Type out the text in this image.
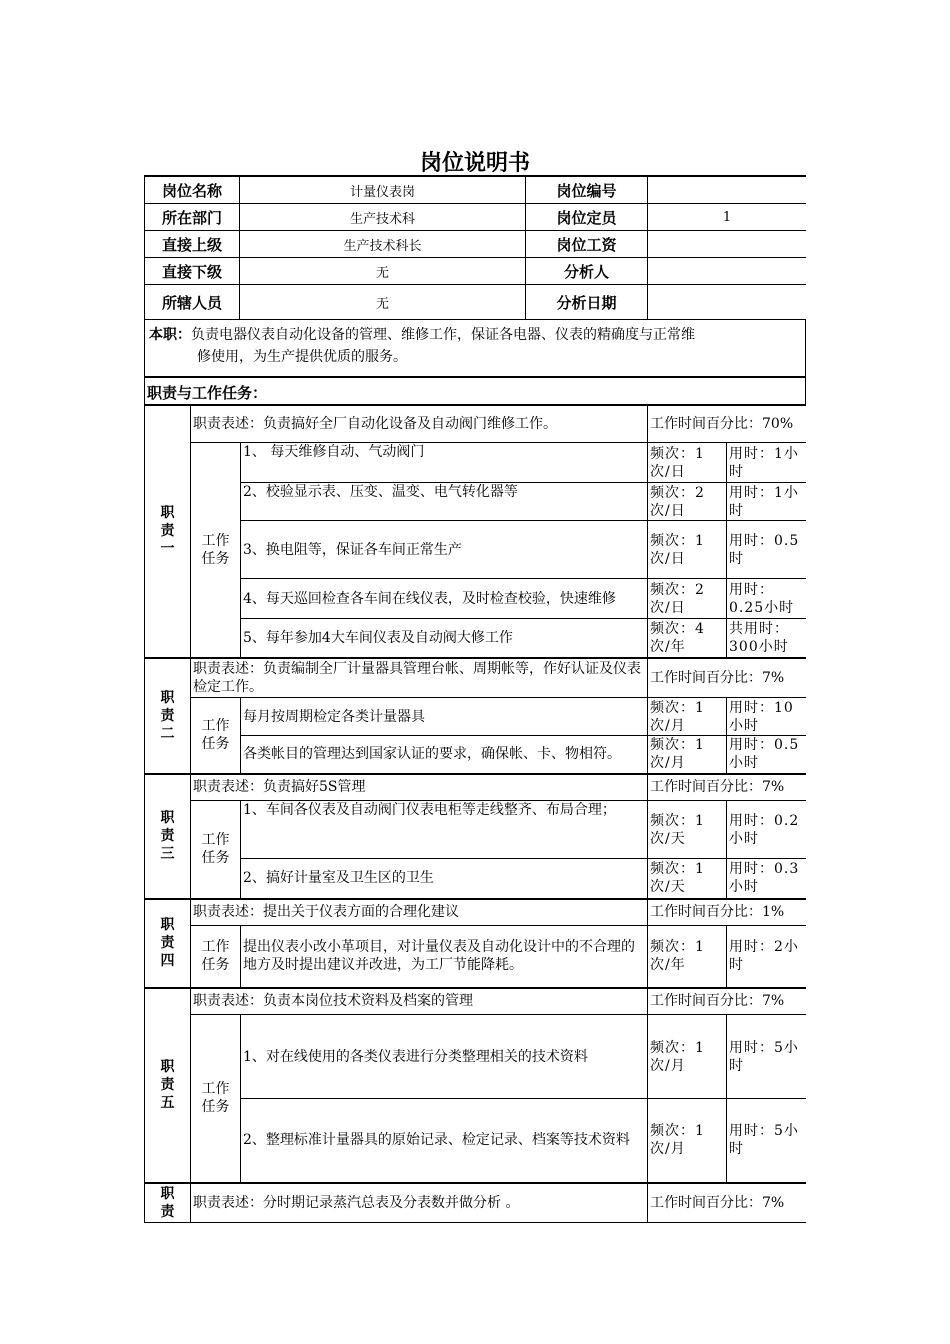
岗位说明书
岗位名称	计量仪表岗	岗位编号	
所在部门	生产技术科	岗位定员	1
直接上级	生产技术科长	岗位工资	
直接下级	无	分析人	
所辖人员	无	分析日期	
本职：负责电器仪表自动化设备的管理、维修工作，保证各电器、仪表的精确度与正常维

修使用，为生产提供优质的服务。
职责与工作任务：
职责一	职责表述：负责搞好全厂自动化设备及自动阀门维修工作。		工作时间百分比：70%	
	工作任务	1、 每天维修自动、气动阀门	频次：1次/日	用时：1小时
		2、校验显示表、压变、温变、电气转化器等	频次：2次/日	用时：1小时
		3、换电阻等，保证各车间正常生产	频次：1次/日	用时：0.5时
		4、每天巡回检查各车间在线仪表，及时检查校验，快速维修	频次：2次/日	用时：0.25小时
		5、每年参加4大车间仪表及自动阀大修工作	频次：4次/年	共用时：300小时
职责二	职责表述：负责编制全厂计量器具管理台帐、周期帐等，作好认证及仪表检定工作。		工作时间百分比：7%	
	工作任务	每月按周期检定各类计量器具	频次：1次/月	用时：10小时
		各类帐目的管理达到国家认证的要求，确保帐、卡、物相符。	频次：1次/月	用时：0.5小时
职责三	职责表述：负责搞好5S管理		工作时间百分比：7%	
	工作任务	1、车间各仪表及自动阀门仪表电柜等走线整齐、布局合理；	频次：1次/天	用时：0.2小时
		2、搞好计量室及卫生区的卫生	频次：1次/天	用时：0.3小时
职责四	职责表述：提出关于仪表方面的合理化建议		工作时间百分比：1%	
	工作任务	提出仪表小改小革项目，对计量仪表及自动化设计中的不合理的地方及时提出建议并改进，为工厂节能降耗。	频次：1次/年	用时：2小时
职责五	职责表述：负责本岗位技术资料及档案的管理		工作时间百分比：7%	
	工作任务	1、对在线使用的各类仪表进行分类整理相关的技术资料	频次：1次/月	用时：5小时
		2、整理标准计量器具的原始记录、检定记录、档案等技术资料	频次：1次/月	用时：5小时
职责	职责表述：分时期记录蒸汽总表及分表数并做分析 。		工作时间百分比：7%	
